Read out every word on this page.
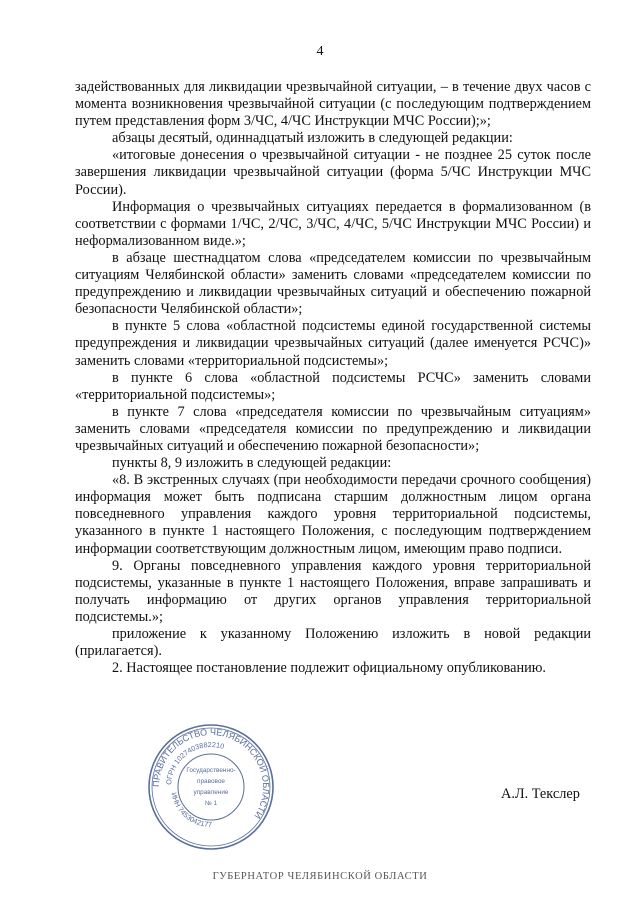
4

задействованных для ликвидации чрезвычайной ситуации, – в течение двух часов с момента возникновения чрезвычайной ситуации (с последующим подтверждением путем представления форм 3/ЧС, 4/ЧС Инструкции МЧС России);»;

абзацы десятый, одиннадцатый изложить в следующей редакции:

«итоговые донесения о чрезвычайной ситуации - не позднее 25 суток после завершения ликвидации чрезвычайной ситуации (форма 5/ЧС Инструкции МЧС России).

Информация о чрезвычайных ситуациях передается в формализованном (в соответствии с формами 1/ЧС, 2/ЧС, 3/ЧС, 4/ЧС, 5/ЧС Инструкции МЧС России) и неформализованном виде.»;

в абзаце шестнадцатом слова «председателем комиссии по чрезвычайным ситуациям Челябинской области» заменить словами «председателем комиссии по предупреждению и ликвидации чрезвычайных ситуаций и обеспечению пожарной безопасности Челябинской области»;

в пункте 5 слова «областной подсистемы единой государственной системы предупреждения и ликвидации чрезвычайных ситуаций (далее именуется РСЧС)» заменить словами «территориальной подсистемы»;

в пункте 6 слова «областной подсистемы РСЧС» заменить словами «территориальной подсистемы»;

в пункте 7 слова «председателя комиссии по чрезвычайным ситуациям» заменить словами «председателя комиссии по предупреждению и ликвидации чрезвычайных ситуаций и обеспечению пожарной безопасности»;

пункты 8, 9 изложить в следующей редакции:

«8. В экстренных случаях (при необходимости передачи срочного сообщения) информация может быть подписана старшим должностным лицом органа повседневного управления каждого уровня территориальной подсистемы, указанного в пункте 1 настоящего Положения, с последующим подтверждением информации соответствующим должностным лицом, имеющим право подписи.

9. Органы повседневного управления каждого уровня территориальной подсистемы, указанные в пункте 1 настоящего Положения, вправе запрашивать и получать информацию от других органов управления территориальной подсистемы.»;

приложение к указанному Положению изложить в новой редакции (прилагается).

2. Настоящее постановление подлежит официальному опубликованию.

ПРАВИТЕЛЬСТВО ЧЕЛЯБИНСКОЙ ОБЛАСТИ
ОГРН 1027403882210
ИНН 7453042177
Государственно-
правовое
управление
№ 1
А.Л. Текслер
ГУБЕРНАТОР ЧЕЛЯБИНСКОЙ ОБЛАСТИ
